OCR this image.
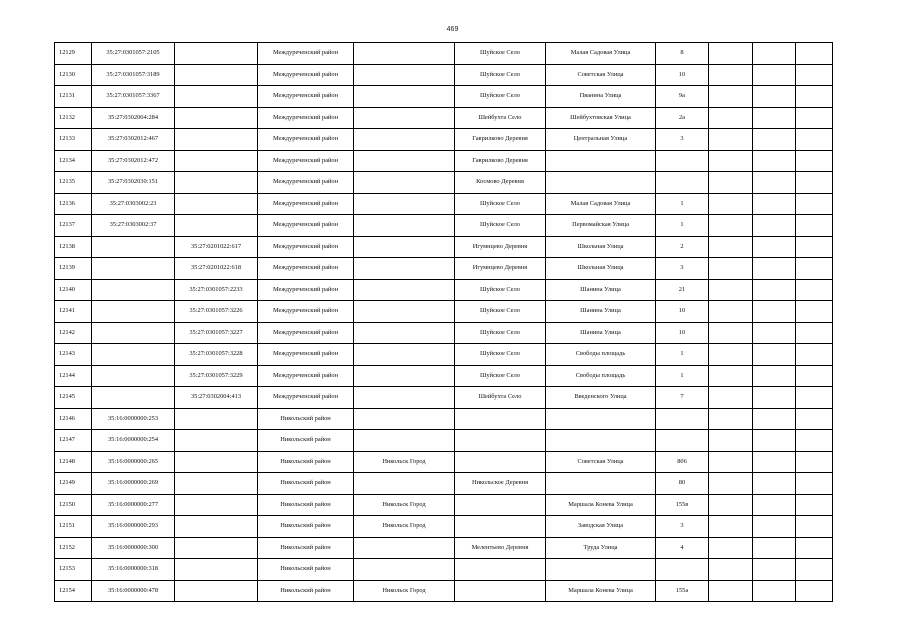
469
12129	35:27:0301057:2105		Междуреченский район		Шуйское Село	Малая Садовая Улица	8			
12130	35:27:0301057:3189		Междуреченский район		Шуйское Село	Советская Улица	10			
12131	35:27:0301057:3367		Междуреченский район		Шуйское Село	Пванина Улица	9а			
12132	35:27:0302004:284		Междуреченский район		Шейбухта Село	Шейбухтовская Улица	2а			
12133	35:27:0302012:467		Междуреченский район		Гаврилково Деревня	Центральная Улица	3			
12134	35:27:0302012:472		Междуреченский район		Гаврилково Деревня					
12135	35:27:0302030:151		Междуреченский район		Космово Деревня					
12136	35:27:0303002:23		Междуреченский район		Шуйское Село	Малая Садовая Улица	1			
12137	35:27:0303002:37		Междуреченский район		Шуйское Село	Первомайская Улица	1			
12138		35:27:0201022:617	Междуреченский район		Игумнцево Деревня	Школьная Улица	2			
12139		35:27:0201022:618	Междуреченский район		Игумнцево Деревня	Школьная Улица	3			
12140		35:27:0301057:2233	Междуреченский район		Шуйское Село	Шанина Улица	21			
12141		35:27:0301057:3226	Междуреченский район		Шуйское Село	Шанина Улица	10			
12142		35:27:0301057:3227	Междуреченский район		Шуйское Село	Шанина Улица	10			
12143		35:27:0301057:3228	Междуреченский район		Шуйское Село	Свободы площадь	1			
12144		35:27:0301057:3229	Междуреченский район		Шуйское Село	Свободы площадь	1			
12145		35:27:0302004:413	Междуреченский район		Шейбухта Село	Введенского Улица	7			
12146	35:16:0000000:253		Никольский район							
12147	35:16:0000000:254		Никольский район							
12148	35:16:0000000:265		Никольский район	Никольск Город		Советская Улица	806			
12149	35:16:0000000:269		Никольский район		Никольское Деревня		80			
12150	35:16:0000000:277		Никольский район	Никольск Город		Маршала Конева Улица	155в			
12151	35:16:0000000:293		Никольский район	Никольск Город		Заводская Улица	3			
12152	35:16:0000000:300		Никольский район		Мелентьево Деревня	Труда Улица	4			
12153	35:16:0000000:318		Никольский район							
12154	35:16:0000000:478		Никольский район	Никольск Город		Маршала Конева Улица	155а			
